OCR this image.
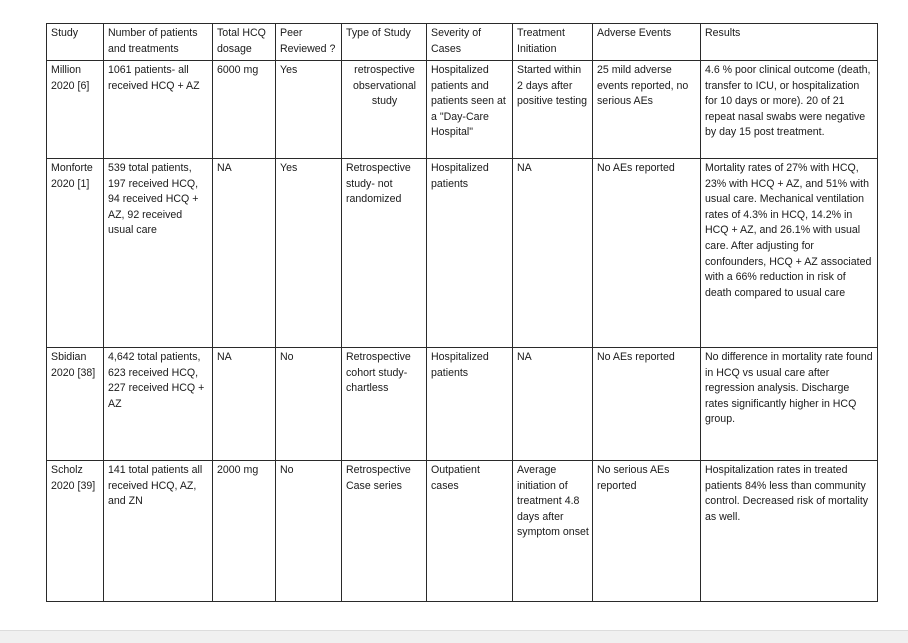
Study	Number of patients and treatments	Total HCQ dosage	Peer Reviewed ?	Type of Study	Severity of Cases	Treatment Initiation	Adverse Events	Results
Million 2020 [6]	1061 patients- all received HCQ + AZ	6000 mg	Yes	retrospective observational study	Hospitalized patients and patients seen at a "Day-Care Hospital"	Started within 2 days after positive testing	25 mild adverse events reported, no serious AEs	4.6 % poor clinical outcome (death, transfer to ICU, or hospitalization for 10 days or more). 20 of 21 repeat nasal swabs were negative by day 15 post treatment.
Monforte 2020 [1]	539 total patients, 197 received HCQ, 94 received HCQ + AZ, 92 received usual care	NA	Yes	Retrospective study- not randomized	Hospitalized patients	NA	No AEs reported	Mortality rates of 27% with HCQ, 23% with HCQ + AZ, and 51% with usual care. Mechanical ventilation rates of 4.3% in HCQ, 14.2% in HCQ + AZ, and 26.1% with usual care. After adjusting for confounders, HCQ + AZ associated with a 66% reduction in risk of death compared to usual care
Sbidian 2020 [38]	4,642 total patients, 623 received HCQ, 227 received HCQ + AZ	NA	No	Retrospective cohort study- chartless	Hospitalized patients	NA	No AEs reported	No difference in mortality rate found in HCQ vs usual care after regression analysis. Discharge rates significantly higher in HCQ group.
Scholz 2020 [39]	141 total patients all received HCQ, AZ, and ZN	2000 mg	No	Retrospective Case series	Outpatient cases	Average initiation of treatment 4.8 days after symptom onset	No serious AEs reported	Hospitalization rates in treated patients 84% less than community control. Decreased risk of mortality as well.
